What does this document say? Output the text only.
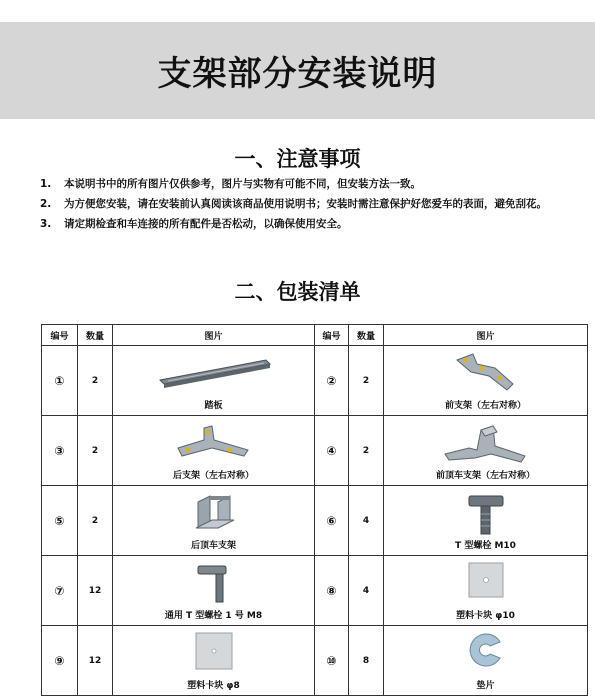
支架部分安装说明
一、注意事项
1. 本说明书中的所有图片仅供参考，图片与实物有可能不同，但安装方法一致。
2. 为方便您安装，请在安装前认真阅读该商品使用说明书；安装时需注意保护好您爱车的表面，避免刮花。
3. 请定期检查和车连接的所有配件是否松动，以确保使用安全。
二、包装清单
编号	数量	图片	编号	数量	图片
①	2	踏板	②	2	前支架（左右对称）

③	2	后支架（左右对称）	④	2	前顶车支架（左右对称）

⑤	2	后顶车支架	⑥	4	T 型螺栓 M10

⑦	12	通用 T 型螺栓 1 号 M8	⑧	4	塑料卡块 φ10

⑨	12	塑料卡块 φ8	⑩	8	垫片
